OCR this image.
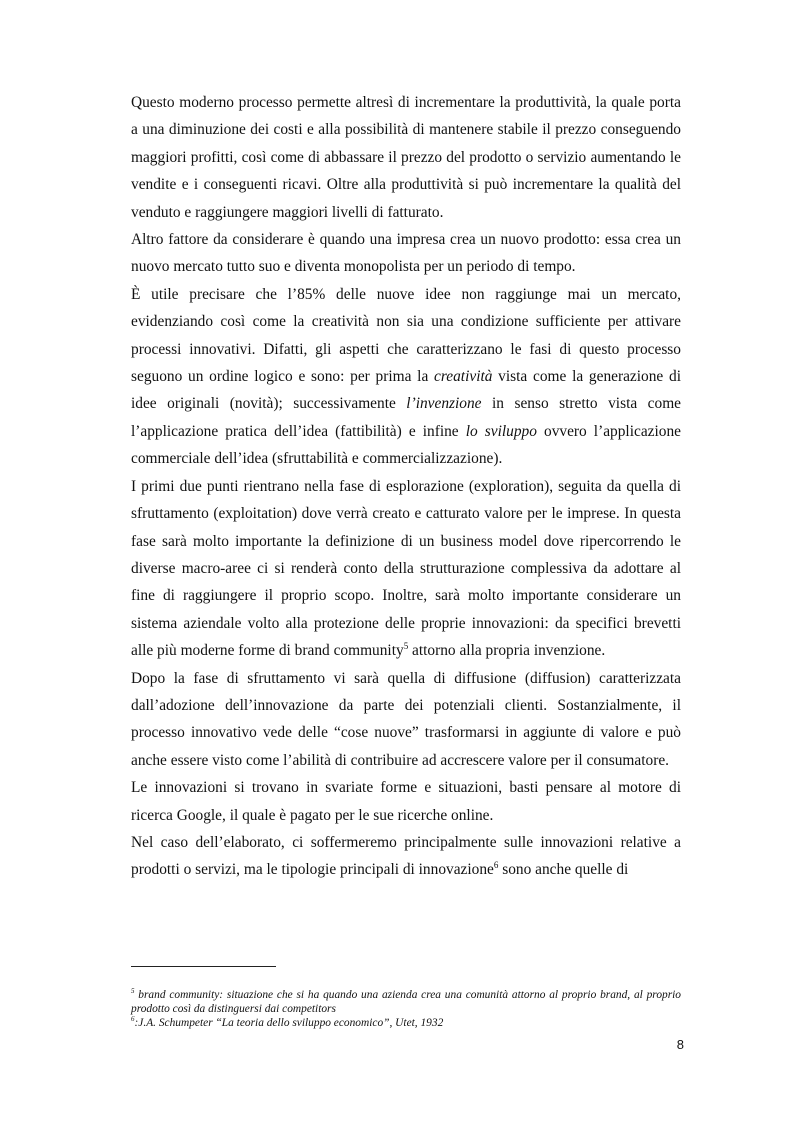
Questo moderno processo permette altresì di incrementare la produttività, la quale porta a una diminuzione dei costi e alla possibilità di mantenere stabile il prezzo conseguendo maggiori profitti, così come di abbassare il prezzo del prodotto o servizio aumentando le vendite e i conseguenti ricavi. Oltre alla produttività si può incrementare la qualità del venduto e raggiungere maggiori livelli di fatturato.

Altro fattore da considerare è quando una impresa crea un nuovo prodotto: essa crea un nuovo mercato tutto suo e diventa monopolista per un periodo di tempo.

È utile precisare che l’85% delle nuove idee non raggiunge mai un mercato, evidenziando così come la creatività non sia una condizione sufficiente per attivare processi innovativi. Difatti, gli aspetti che caratterizzano le fasi di questo processo seguono un ordine logico e sono: per prima la creatività vista come la generazione di idee originali (novità); successivamente l’invenzione in senso stretto vista come l’applicazione pratica dell’idea (fattibilità) e infine lo sviluppo ovvero l’applicazione commerciale dell’idea (sfruttabilità e commercializzazione).

I primi due punti rientrano nella fase di esplorazione (exploration), seguita da quella di sfruttamento (exploitation) dove verrà creato e catturato valore per le imprese. In questa fase sarà molto importante la definizione di un business model dove ripercorrendo le diverse macro-aree ci si renderà conto della strutturazione complessiva da adottare al fine di raggiungere il proprio scopo. Inoltre, sarà molto importante considerare un sistema aziendale volto alla protezione delle proprie innovazioni: da specifici brevetti alle più moderne forme di brand community$^5$ attorno alla propria invenzione.

Dopo la fase di sfruttamento vi sarà quella di diffusione (diffusion) caratterizzata dall’adozione dell’innovazione da parte dei potenziali clienti. Sostanzialmente, il processo innovativo vede delle “cose nuove” trasformarsi in aggiunte di valore e può anche essere visto come l’abilità di contribuire ad accrescere valore per il consumatore.

Le innovazioni si trovano in svariate forme e situazioni, basti pensare al motore di ricerca Google, il quale è pagato per le sue ricerche online.

Nel caso dell’elaborato, ci soffermeremo principalmente sulle innovazioni relative a prodotti o servizi, ma le tipologie principali di innovazione$^6$ sono anche quelle di

$^5$ brand community: situazione che si ha quando una azienda crea una comunità attorno al proprio brand, al proprio prodotto così da distinguersi dai competitors

$^6$:J.A. Schumpeter “La teoria dello sviluppo economico”, Utet, 1932

8
